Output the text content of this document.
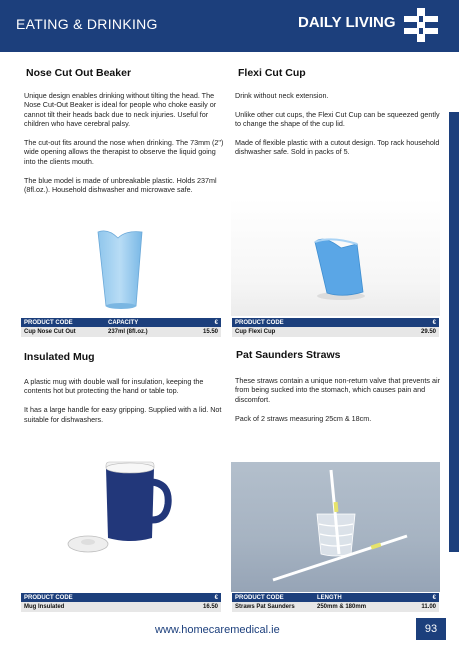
EATING & DRINKING	DAILY LIVING
Nose Cut Out Beaker

Unique design enables drinking without tilting the head. The Nose Cut-Out Beaker is ideal for people who choke easily or cannot tilt their heads back due to neck injuries. Useful for children who have cerebral palsy.

The cut-out fits around the nose when drinking. The 73mm (2") wide opening allows the therapist to observe the liquid going into the clients mouth.

The blue model is made of unbreakable plastic. Holds 237ml (8fl.oz.). Household dishwasher and microwave safe.

PRODUCT CODE	CAPACITY	€
Cup Nose Cut Out	237ml (8fl.oz.)	15.50
Flexi Cut Cup

Drink without neck extension.

Unlike other cut cups, the Flexi Cut Cup can be squeezed gently to change the shape of the cup lid.

Made of flexible plastic with a cutout design. Top rack household dishwasher safe. Sold in packs of 5.

PRODUCT CODE	€
Cup Flexi Cup	29.50
Insulated Mug

A plastic mug with double wall for insulation, keeping the contents hot but protecting the hand or table top.

It has a large handle for easy gripping. Supplied with a lid. Not suitable for dishwashers.

PRODUCT CODE	€
Mug Insulated	16.50
Pat Saunders Straws

These straws contain a unique non-return valve that prevents air from being sucked into the stomach, which causes pain and discomfort.

Pack of 2 straws measuring 25cm & 18cm.

PRODUCT CODE	LENGTH	€
Straws Pat Saunders	250mm & 180mm	11.00
www.homecaremedical.ie	93
